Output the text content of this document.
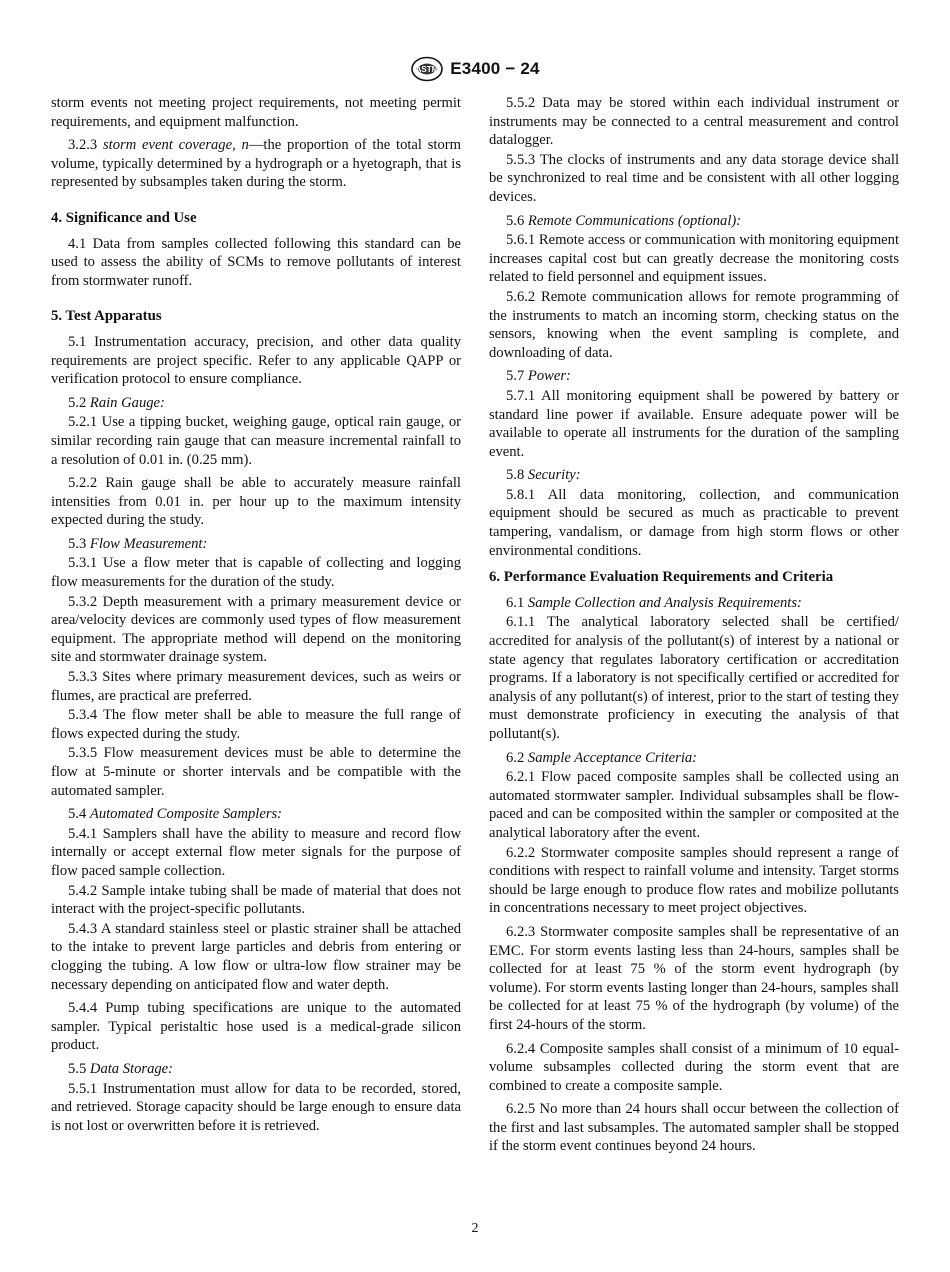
ASTM E3400 − 24

storm events not meeting project requirements, not meeting permit requirements, and equipment malfunction.

3.2.3 storm event coverage, n—the proportion of the total storm volume, typically determined by a hydrograph or a hyetograph, that is represented by subsamples taken during the storm.

4. Significance and Use

4.1 Data from samples collected following this standard can be used to assess the ability of SCMs to remove pollutants of interest from stormwater runoff.

5. Test Apparatus

5.1 Instrumentation accuracy, precision, and other data quality requirements are project specific. Refer to any applicable QAPP or verification protocol to ensure compliance.

5.2 Rain Gauge:

5.2.1 Use a tipping bucket, weighing gauge, optical rain gauge, or similar recording rain gauge that can measure incremental rainfall to a resolution of 0.01 in. (0.25 mm).

5.2.2 Rain gauge shall be able to accurately measure rainfall intensities from 0.01 in. per hour up to the maximum intensity expected during the study.

5.3 Flow Measurement:

5.3.1 Use a flow meter that is capable of collecting and logging flow measurements for the duration of the study.

5.3.2 Depth measurement with a primary measurement device or area/velocity devices are commonly used types of flow measurement equipment. The appropriate method will depend on the monitoring site and stormwater drainage system.

5.3.3 Sites where primary measurement devices, such as weirs or flumes, are practical are preferred.

5.3.4 The flow meter shall be able to measure the full range of flows expected during the study.

5.3.5 Flow measurement devices must be able to determine the flow at 5-minute or shorter intervals and be compatible with the automated sampler.

5.4 Automated Composite Samplers:

5.4.1 Samplers shall have the ability to measure and record flow internally or accept external flow meter signals for the purpose of flow paced sample collection.

5.4.2 Sample intake tubing shall be made of material that does not interact with the project-specific pollutants.

5.4.3 A standard stainless steel or plastic strainer shall be attached to the intake to prevent large particles and debris from entering or clogging the tubing. A low flow or ultra-low flow strainer may be necessary depending on anticipated flow and water depth.

5.4.4 Pump tubing specifications are unique to the automated sampler. Typical peristaltic hose used is a medical-grade silicon product.

5.5 Data Storage:

5.5.1 Instrumentation must allow for data to be recorded, stored, and retrieved. Storage capacity should be large enough to ensure data is not lost or overwritten before it is retrieved.

5.5.2 Data may be stored within each individual instrument or instruments may be connected to a central measurement and control datalogger.

5.5.3 The clocks of instruments and any data storage device shall be synchronized to real time and be consistent with all other logging devices.

5.6 Remote Communications (optional):

5.6.1 Remote access or communication with monitoring equipment increases capital cost but can greatly decrease the monitoring costs related to field personnel and equipment issues.

5.6.2 Remote communication allows for remote programming of the instruments to match an incoming storm, checking status on the sensors, knowing when the event sampling is complete, and downloading of data.

5.7 Power:

5.7.1 All monitoring equipment shall be powered by battery or standard line power if available. Ensure adequate power will be available to operate all instruments for the duration of the sampling event.

5.8 Security:

5.8.1 All data monitoring, collection, and communication equipment should be secured as much as practicable to prevent tampering, vandalism, or damage from high storm flows or other environmental conditions.

6. Performance Evaluation Requirements and Criteria

6.1 Sample Collection and Analysis Requirements:

6.1.1 The analytical laboratory selected shall be certified/ accredited for analysis of the pollutant(s) of interest by a national or state agency that regulates laboratory certification or accreditation programs. If a laboratory is not specifically certified or accredited for analysis of any pollutant(s) of interest, prior to the start of testing they must demonstrate proficiency in executing the analysis of that pollutant(s).

6.2 Sample Acceptance Criteria:

6.2.1 Flow paced composite samples shall be collected using an automated stormwater sampler. Individual subsamples shall be flow-paced and can be composited within the sampler or composited at the analytical laboratory after the event.

6.2.2 Stormwater composite samples should represent a range of conditions with respect to rainfall volume and intensity. Target storms should be large enough to produce flow rates and mobilize pollutants in concentrations necessary to meet project objectives.

6.2.3 Stormwater composite samples shall be representative of an EMC. For storm events lasting less than 24-hours, samples shall be collected for at least 75 % of the storm event hydrograph (by volume). For storm events lasting longer than 24-hours, samples shall be collected for at least 75 % of the hydrograph (by volume) of the first 24-hours of the storm.

6.2.4 Composite samples shall consist of a minimum of 10 equal-volume subsamples collected during the storm event that are combined to create a composite sample.

6.2.5 No more than 24 hours shall occur between the collection of the first and last subsamples. The automated sampler shall be stopped if the storm event continues beyond 24 hours.

2
